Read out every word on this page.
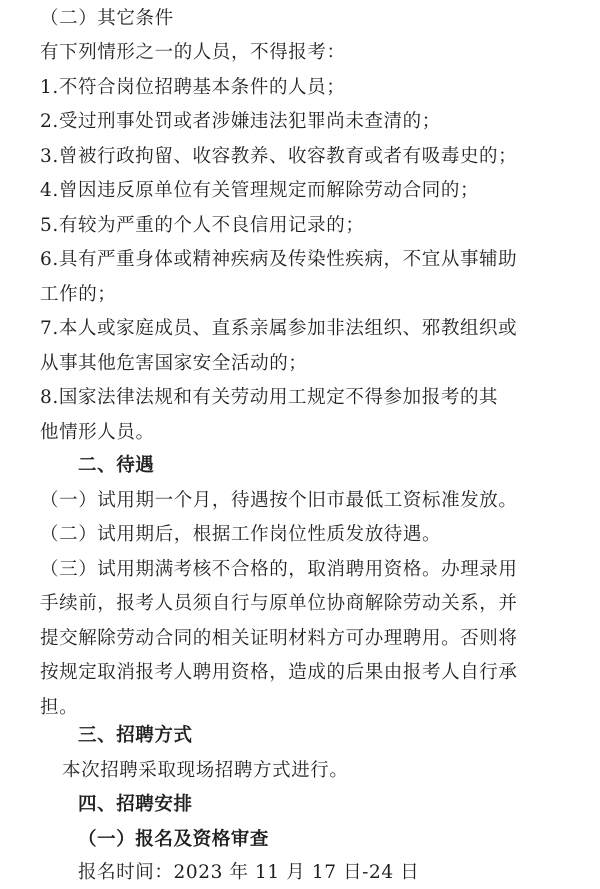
（二）其它条件
有下列情形之一的人员，不得报考：
1.不符合岗位招聘基本条件的人员；
2.受过刑事处罚或者涉嫌违法犯罪尚未查清的；
3.曾被行政拘留、收容教养、收容教育或者有吸毒史的；
4.曾因违反原单位有关管理规定而解除劳动合同的；
5.有较为严重的个人不良信用记录的；
6.具有严重身体或精神疾病及传染性疾病，不宜从事辅助
工作的；
7.本人或家庭成员、直系亲属参加非法组织、邪教组织或
从事其他危害国家安全活动的；
8.国家法律法规和有关劳动用工规定不得参加报考的其
他情形人员。
二、待遇
（一）试用期一个月，待遇按个旧市最低工资标准发放。
（二）试用期后，根据工作岗位性质发放待遇。
（三）试用期满考核不合格的，取消聘用资格。办理录用
手续前，报考人员须自行与原单位协商解除劳动关系，并
提交解除劳动合同的相关证明材料方可办理聘用。否则将
按规定取消报考人聘用资格，造成的后果由报考人自行承
担。
三、招聘方式
本次招聘采取现场招聘方式进行。
四、招聘安排
（一）报名及资格审查
报名时间：2023 年 11 月 17 日-24 日
